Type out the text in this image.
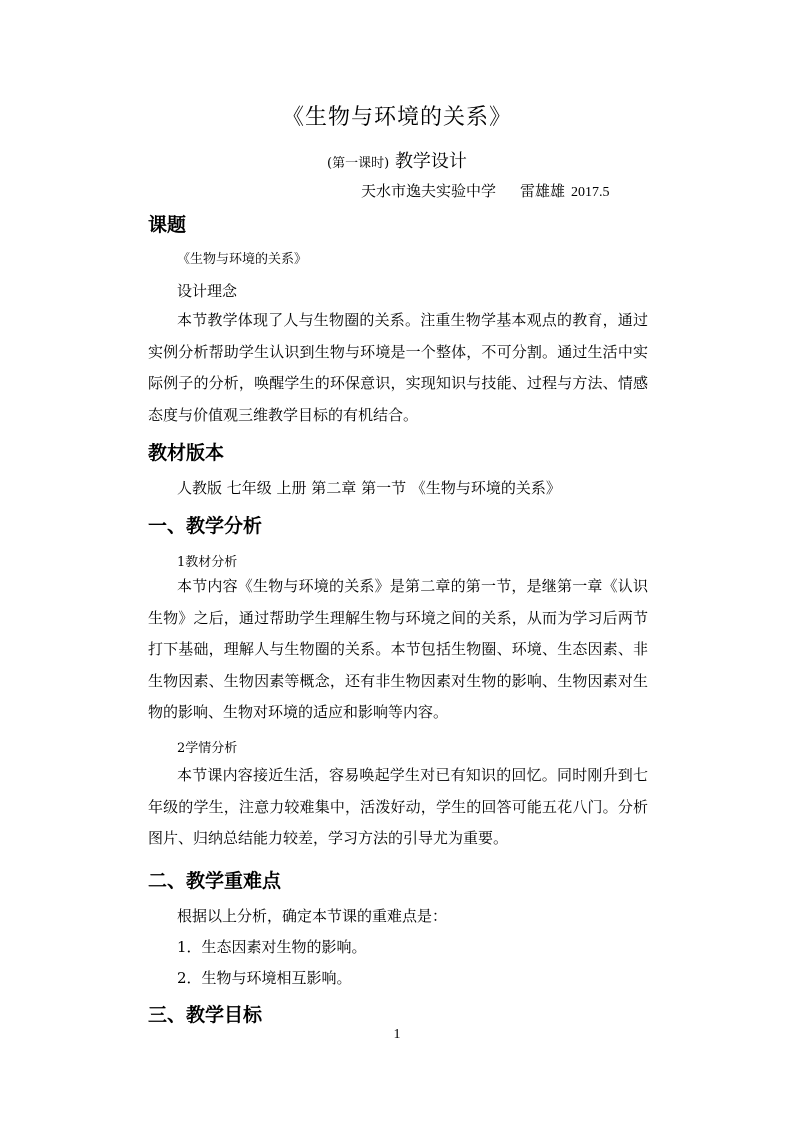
《生物与环境的关系》
(第一课时) 教学设计
天水市逸夫实验中学 雷雄雄 2017.5
课题
《生物与环境的关系》
设计理念

本节教学体现了人与生物圈的关系。注重生物学基本观点的教育，通过实例分析帮助学生认识到生物与环境是一个整体，不可分割。通过生活中实际例子的分析，唤醒学生的环保意识，实现知识与技能、过程与方法、情感态度与价值观三维教学目标的有机结合。

教材版本
人教版 七年级 上册 第二章 第一节 《生物与环境的关系》
一、教学分析
1教材分析

本节内容《生物与环境的关系》是第二章的第一节，是继第一章《认识生物》之后，通过帮助学生理解生物与环境之间的关系，从而为学习后两节打下基础，理解人与生物圈的关系。本节包括生物圈、环境、生态因素、非生物因素、生物因素等概念，还有非生物因素对生物的影响、生物因素对生物的影响、生物对环境的适应和影响等内容。

2学情分析

本节课内容接近生活，容易唤起学生对已有知识的回忆。同时刚升到七年级的学生，注意力较难集中，活泼好动，学生的回答可能五花八门。分析图片、归纳总结能力较差，学习方法的引导尤为重要。

二、教学重难点
根据以上分析，确定本节课的重难点是：
1．生态因素对生物的影响。
2．生物与环境相互影响。
三、教学目标
1
